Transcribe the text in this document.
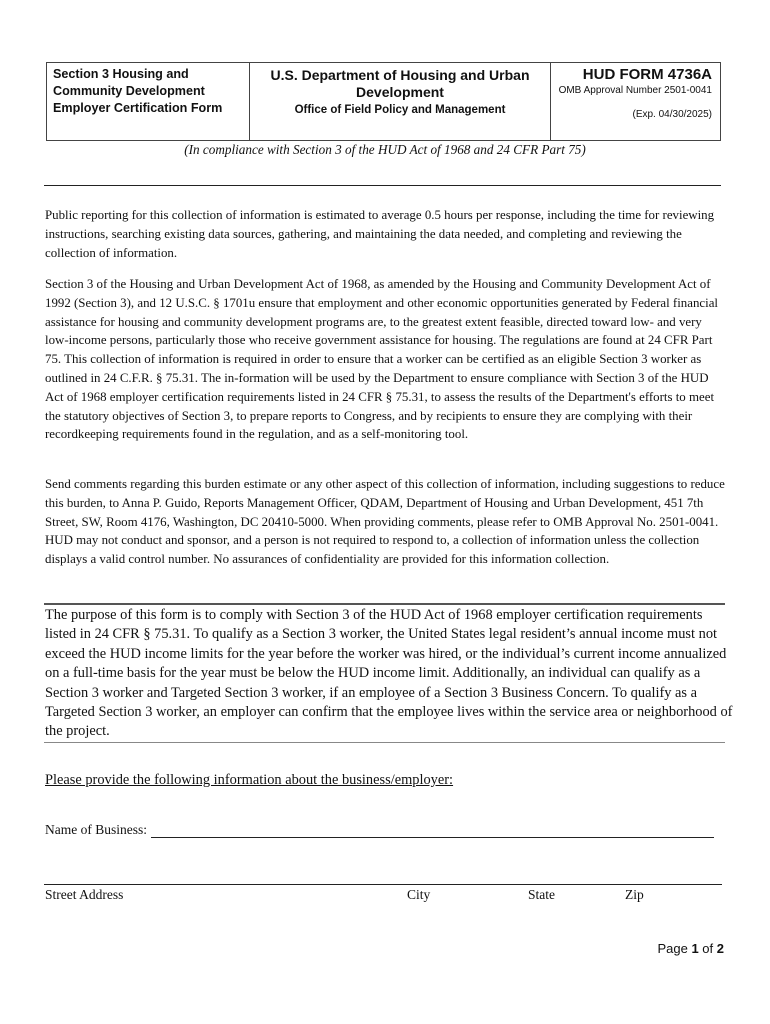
Section 3 Housing and
Community Development
Employer Certification Form
U.S. Department of Housing and Urban Development
Office of Field Policy and Management
HUD FORM 4736A
OMB Approval Number 2501-0041
(Exp. 04/30/2025)
(In compliance with Section 3 of the HUD Act of 1968 and 24 CFR Part 75)

Public reporting for this collection of information is estimated to average 0.5 hours per response, including the time for reviewing instructions, searching existing data sources, gathering, and maintaining the data needed, and completing and reviewing the collection of information.

Section 3 of the Housing and Urban Development Act of 1968, as amended by the Housing and Community Development Act of 1992 (Section 3), and 12 U.S.C. § 1701u ensure that employment and other economic opportunities generated by Federal financial assistance for housing and community development programs are, to the greatest extent feasible, directed toward low- and very low-income persons, particularly those who receive government assistance for housing. The regulations are found at 24 CFR Part 75. This collection of information is required in order to ensure that a worker can be certified as an eligible Section 3 worker as outlined in 24 C.F.R. § 75.31. The in-formation will be used by the Department to ensure compliance with Section 3 of the HUD Act of 1968 employer certification requirements listed in 24 CFR § 75.31, to assess the results of the Department's efforts to meet the statutory objectives of Section 3, to prepare reports to Congress, and by recipients to ensure they are complying with their recordkeeping requirements found in the regulation, and as a self-monitoring tool.

Send comments regarding this burden estimate or any other aspect of this collection of information, including suggestions to reduce this burden, to Anna P. Guido, Reports Management Officer, QDAM, Department of Housing and Urban Development, 451 7th Street, SW, Room 4176, Washington, DC 20410-5000. When providing comments, please refer to OMB Approval No. 2501-0041. HUD may not conduct and sponsor, and a person is not required to respond to, a collection of information unless the collection displays a valid control number. No assurances of confidentiality are provided for this information collection.

The purpose of this form is to comply with Section 3 of the HUD Act of 1968 employer certification requirements listed in 24 CFR § 75.31. To qualify as a Section 3 worker, the United States legal resident’s annual income must not exceed the HUD income limits for the year before the worker was hired, or the individual’s current income annualized on a full-time basis for the year must be below the HUD income limit. Additionally, an individual can qualify as a Section 3 worker and Targeted Section 3 worker, if an employee of a Section 3 Business Concern. To qualify as a Targeted Section 3 worker, an employer can confirm that the employee lives within the service area or neighborhood of the project.

Please provide the following information about the business/employer:
Name of Business:
Street Address	City	State	Zip
Page 1 of 2
